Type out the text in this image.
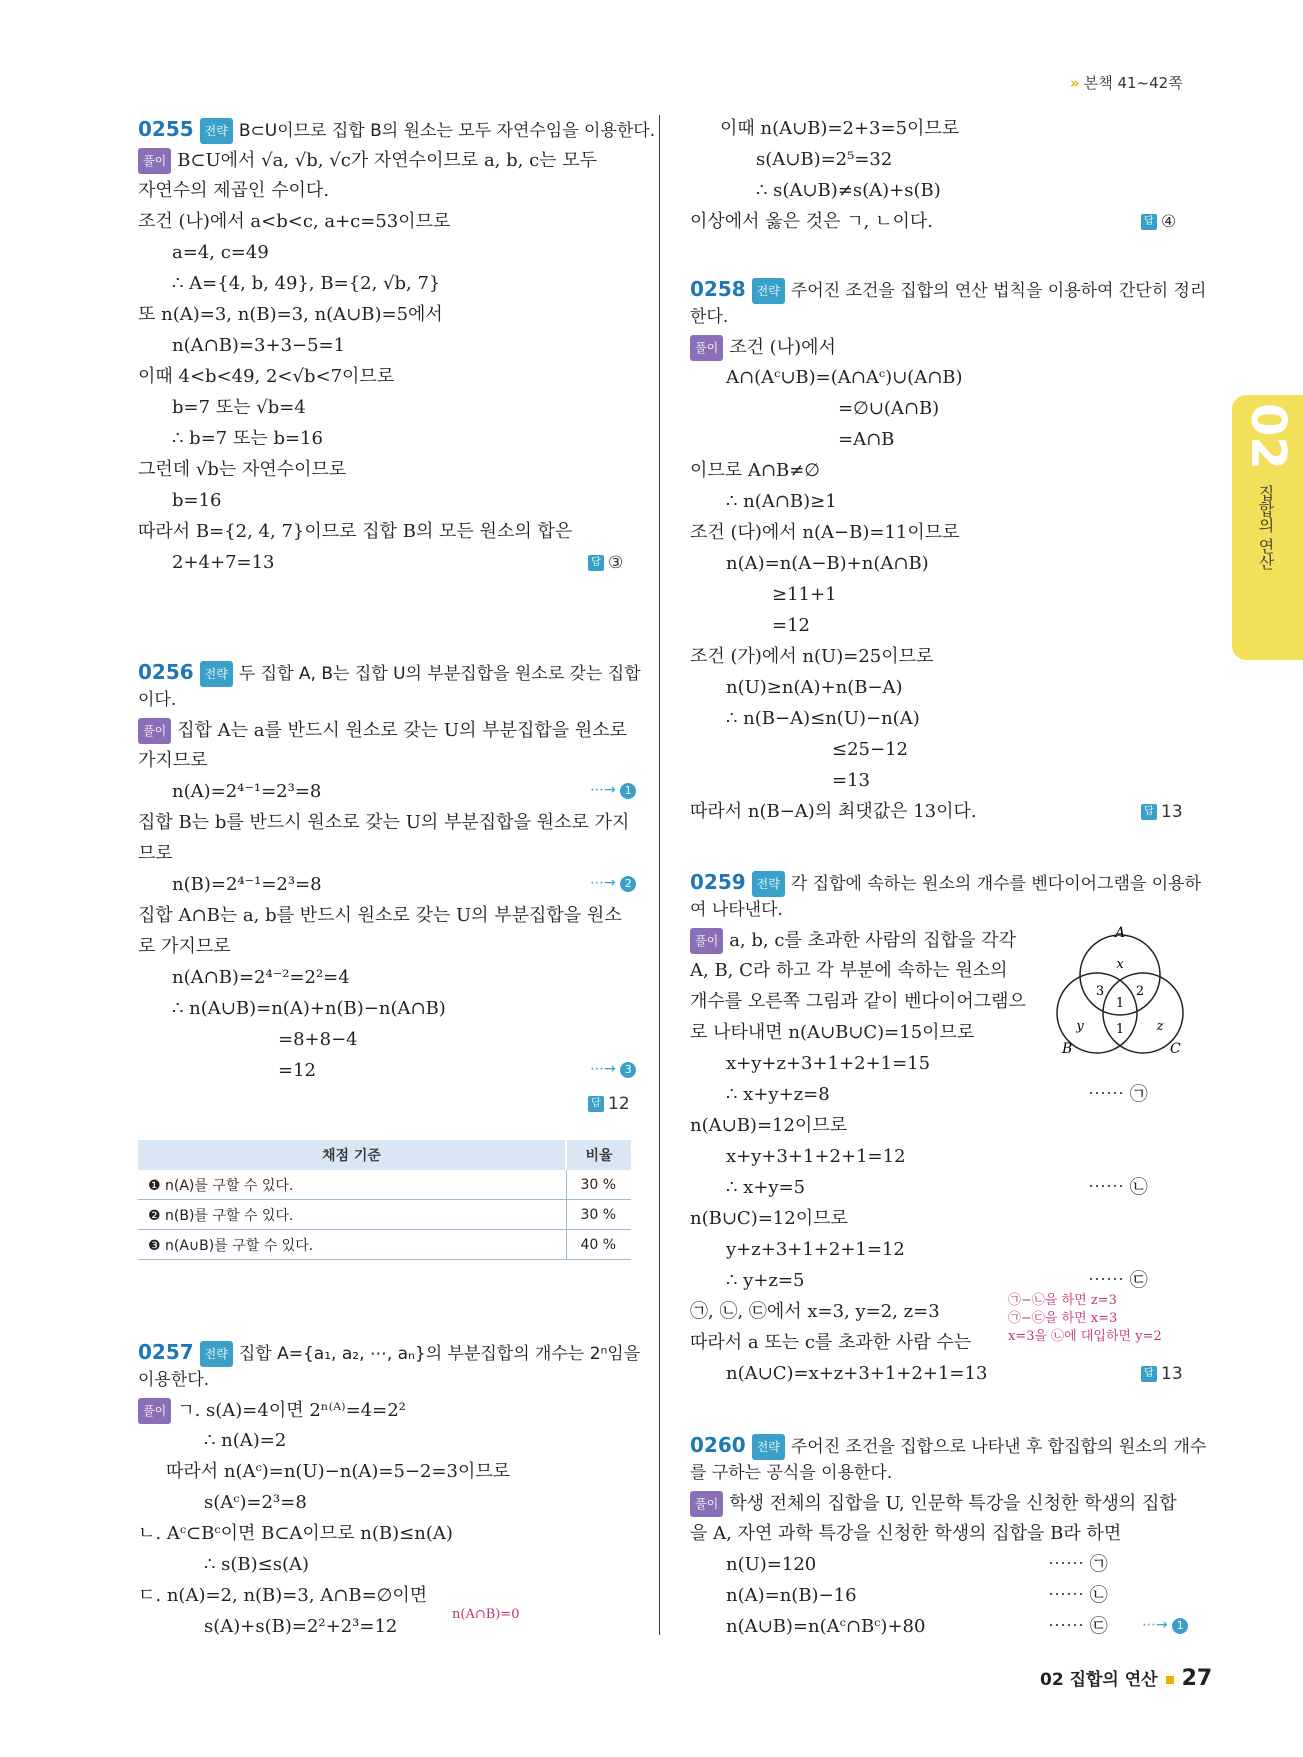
» 본책 41~42쪽
02
집합의 연산
0255 전략 B⊂U이므로 집합 B의 원소는 모두 자연수임을 이용한다.
풀이 B⊂U에서 √a, √b, √c가 자연수이므로 a, b, c는 모두
자연수의 제곱인 수이다.
조건 (나)에서 a<b<c, a+c=53이므로
a=4, c=49
∴ A={4, b, 49}, B={2, √b, 7}
또 n(A)=3, n(B)=3, n(A∪B)=5에서
n(A∩B)=3+3−5=1
이때 4<b<49, 2<√b<7이므로
b=7 또는 √b=4
∴ b=7 또는 b=16
그런데 √b는 자연수이므로
b=16
따라서 B={2, 4, 7}이므로 집합 B의 모든 원소의 합은
2+4+7=13	답 ③
0256 전략 두 집합 A, B는 집합 U의 부분집합을 원소로 갖는 집합
이다.
풀이 집합 A는 a를 반드시 원소로 갖는 U의 부분집합을 원소로
가지므로
n(A)=2⁴⁻¹=2³=8	⋯→ 1
집합 B는 b를 반드시 원소로 갖는 U의 부분집합을 원소로 가지
므로
n(B)=2⁴⁻¹=2³=8	⋯→ 2
집합 A∩B는 a, b를 반드시 원소로 갖는 U의 부분집합을 원소
로 가지므로
n(A∩B)=2⁴⁻²=2²=4
∴ n(A∪B)=n(A)+n(B)−n(A∩B)
=8+8−4
=12	⋯→ 3
답 12
채점 기준	비율
❶ n(A)를 구할 수 있다.	30 %
❷ n(B)를 구할 수 있다.	30 %
❸ n(A∪B)를 구할 수 있다.	40 %
0257 전략 집합 A={a₁, a₂, ⋯, aₙ}의 부분집합의 개수는 2ⁿ임을
이용한다.
풀이 ㄱ. s(A)=4이면 2ⁿ⁽ᴬ⁾=4=2²
∴ n(A)=2
따라서 n(Aᶜ)=n(U)−n(A)=5−2=3이므로
s(Aᶜ)=2³=8
ㄴ. Aᶜ⊂Bᶜ이면 B⊂A이므로 n(B)≤n(A)
∴ s(B)≤s(A)
ㄷ. n(A)=2, n(B)=3, A∩B=∅이면
s(A)+s(B)=2²+2³=12
n(A∩B)=0
이때 n(A∪B)=2+3=5이므로
s(A∪B)=2⁵=32
∴ s(A∪B)≠s(A)+s(B)
이상에서 옳은 것은 ㄱ, ㄴ이다.	답 ④
0258 전략 주어진 조건을 집합의 연산 법칙을 이용하여 간단히 정리
한다.
풀이 조건 (나)에서
A∩(Aᶜ∪B)=(A∩Aᶜ)∪(A∩B)
=∅∪(A∩B)
=A∩B
이므로 A∩B≠∅
∴ n(A∩B)≥1
조건 (다)에서 n(A−B)=11이므로
n(A)=n(A−B)+n(A∩B)
≥11+1
=12
조건 (가)에서 n(U)=25이므로
n(U)≥n(A)+n(B−A)
∴ n(B−A)≤n(U)−n(A)
≤25−12
=13
따라서 n(B−A)의 최댓값은 13이다.	답 13
0259 전략 각 집합에 속하는 원소의 개수를 벤다이어그램을 이용하
여 나타낸다.
풀이 a, b, c를 초과한 사람의 집합을 각각
A, B, C라 하고 각 부분에 속하는 원소의
개수를 오른쪽 그림과 같이 벤다이어그램으
로 나타내면 n(A∪B∪C)=15이므로
x+y+z+3+1+2+1=15
∴ x+y+z=8	⋯⋯ ㉠
n(A∪B)=12이므로
x+y+3+1+2+1=12
∴ x+y=5	⋯⋯ ㉡
n(B∪C)=12이므로
y+z+3+1+2+1=12
∴ y+z=5	⋯⋯ ㉢
㉠, ㉡, ㉢에서 x=3, y=2, z=3
따라서 a 또는 c를 초과한 사람 수는
n(A∪C)=x+z+3+1+2+1=13
㉠−㉡을 하면 z=3
㉠−㉢을 하면 x=3
x=3을 ㉡에 대입하면 y=2
답 13
A
B	C
x
y	z
3 2
1
1
0260 전략 주어진 조건을 집합으로 나타낸 후 합집합의 원소의 개수
를 구하는 공식을 이용한다.
풀이 학생 전체의 집합을 U, 인문학 특강을 신청한 학생의 집합
을 A, 자연 과학 특강을 신청한 학생의 집합을 B라 하면
n(U)=120	⋯⋯ ㉠
n(A)=n(B)−16	⋯⋯ ㉡
n(A∪B)=n(Aᶜ∩Bᶜ)+80	⋯⋯ ㉢ ⋯→ 1
02 집합의 연산 27
